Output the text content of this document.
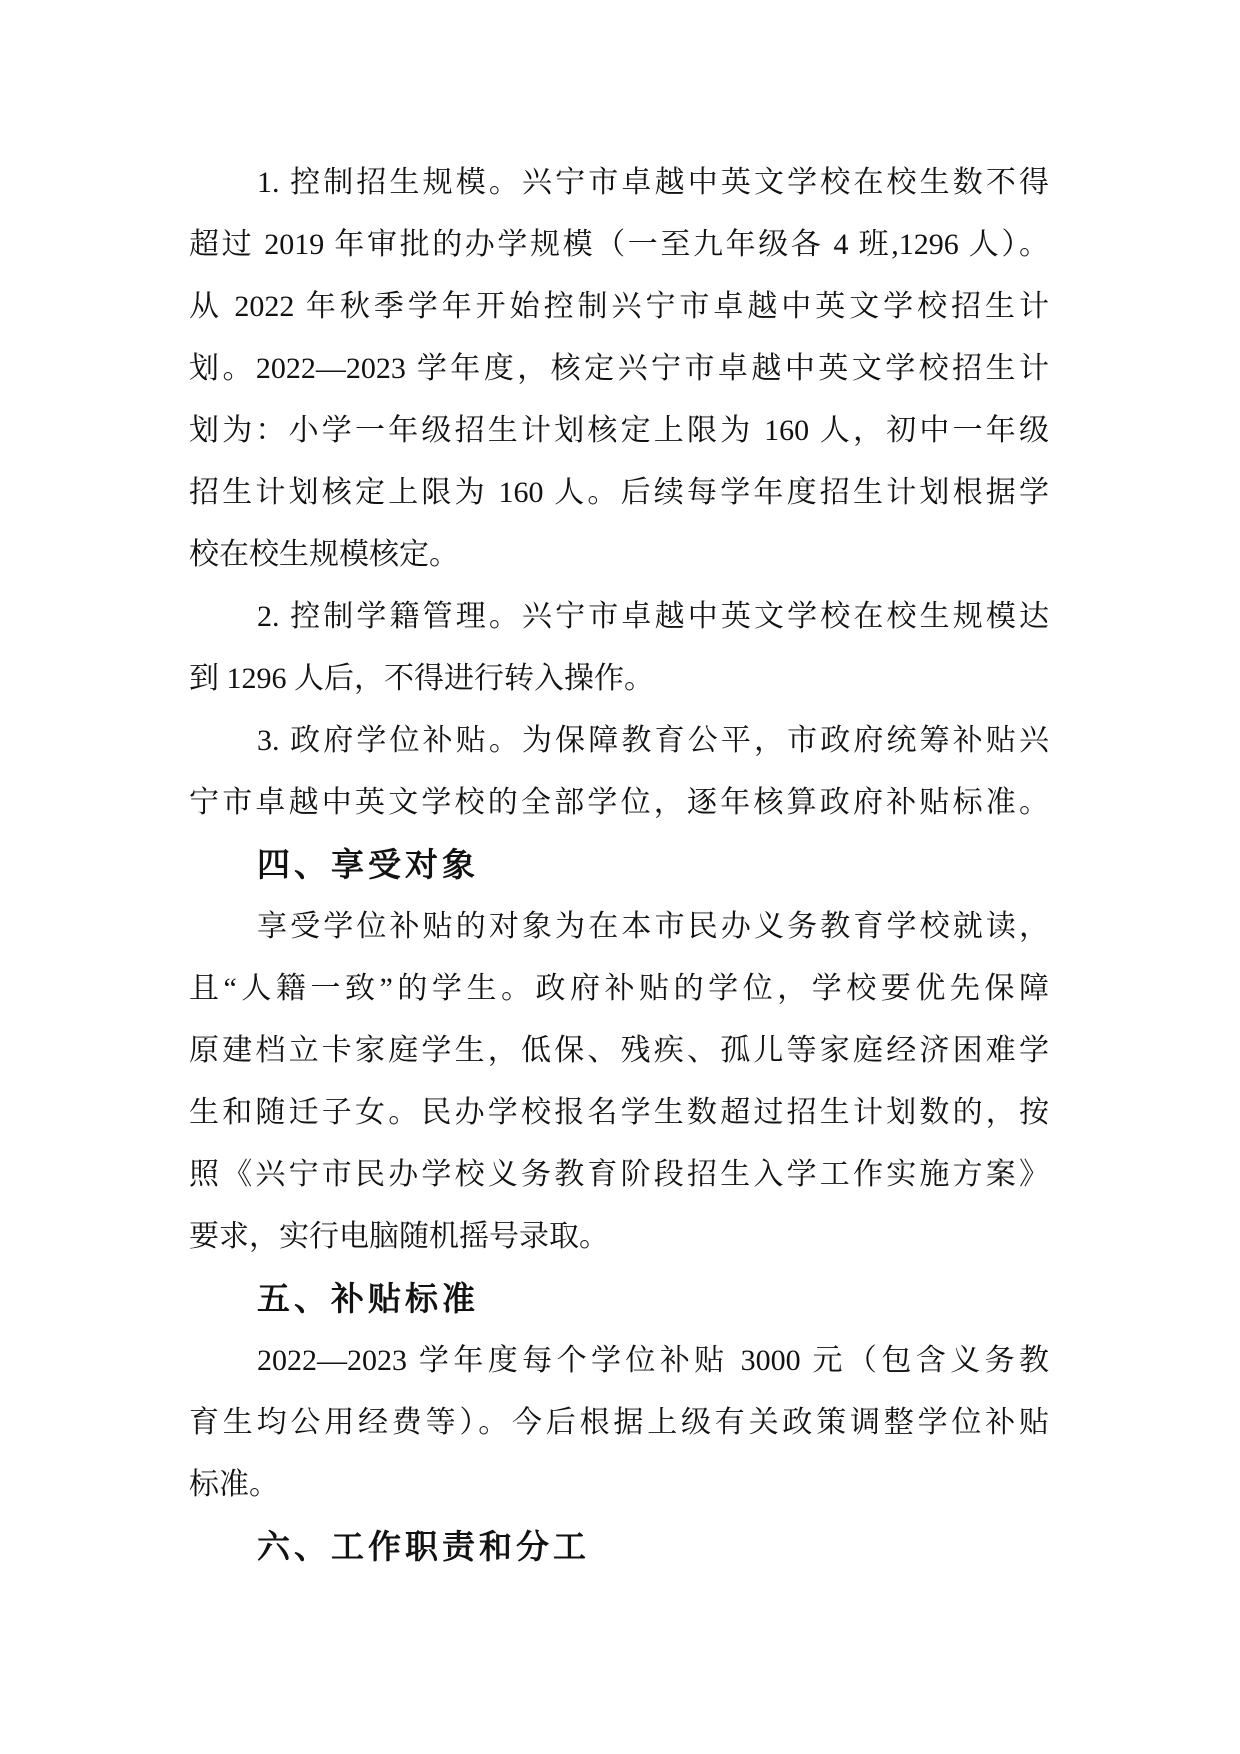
1. 控制招生规模。兴宁市卓越中英文学校在校生数不得
超过 2019 年审批的办学规模（一至九年级各 4 班,1296 人）。
从 2022 年秋季学年开始控制兴宁市卓越中英文学校招生计
划。2022—2023 学年度，核定兴宁市卓越中英文学校招生计
划为：小学一年级招生计划核定上限为 160 人，初中一年级
招生计划核定上限为 160 人。后续每学年度招生计划根据学
校在校生规模核定。
2. 控制学籍管理。兴宁市卓越中英文学校在校生规模达
到 1296 人后，不得进行转入操作。
3. 政府学位补贴。为保障教育公平，市政府统筹补贴兴
宁市卓越中英文学校的全部学位，逐年核算政府补贴标准。
四、享受对象
享受学位补贴的对象为在本市民办义务教育学校就读，
且“人籍一致”的学生。政府补贴的学位，学校要优先保障
原建档立卡家庭学生，低保、残疾、孤儿等家庭经济困难学
生和随迁子女。民办学校报名学生数超过招生计划数的，按
照《兴宁市民办学校义务教育阶段招生入学工作实施方案》
要求，实行电脑随机摇号录取。
五、补贴标准
2022—2023 学年度每个学位补贴 3000 元（包含义务教
育生均公用经费等）。今后根据上级有关政策调整学位补贴
标准。
六、工作职责和分工
